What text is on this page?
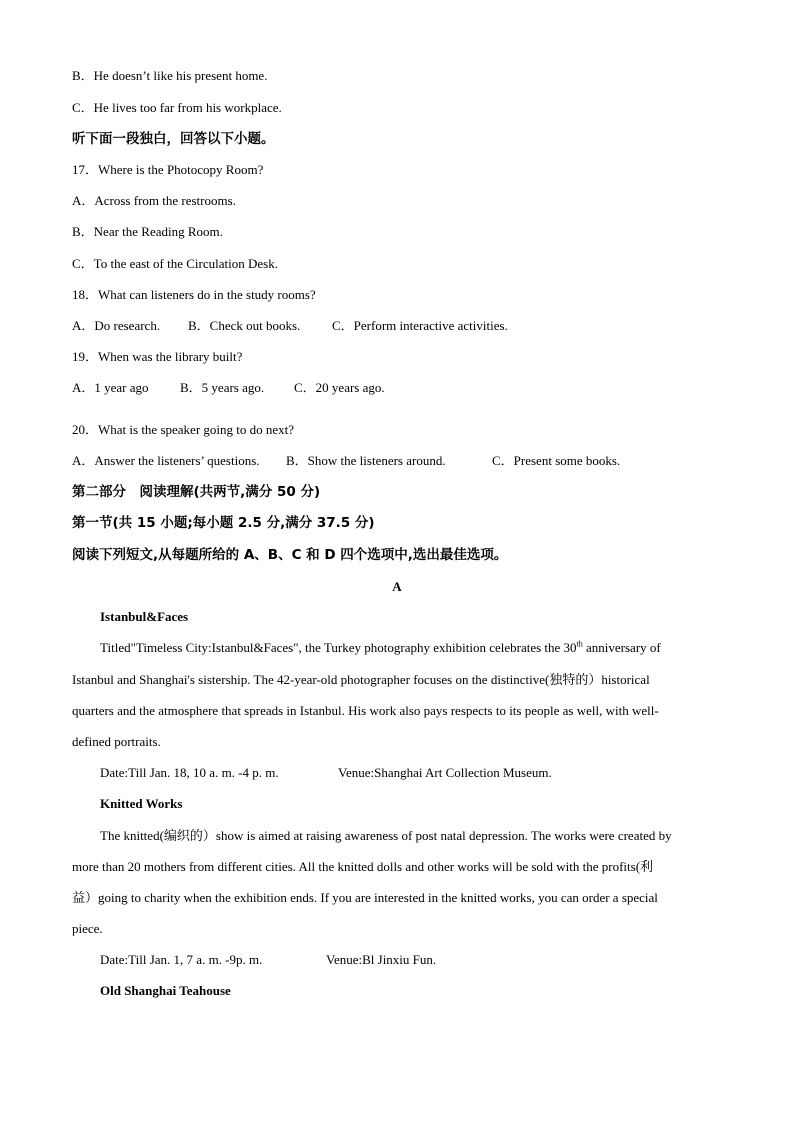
B．He doesn’t like his present home.
C．He lives too far from his workplace.
听下面一段独白，回答以下小题。
17．Where is the Photocopy Room?
A．Across from the restrooms.
B．Near the Reading Room.
C．To the east of the Circulation Desk.
18．What can listeners do in the study rooms?
A．Do research. B．Check out books. C．Perform interactive activities.
19．When was the library built?
A．1 year ago B．5 years ago. C．20 years ago.
20．What is the speaker going to do next?
A．Answer the listeners’ questions. B．Show the listeners around.	C．Present some books.
第二部分　阅读理解(共两节,满分 50 分)
第一节(共 15 小题;每小题 2.5 分,满分 37.5 分)
阅读下列短文,从每题所给的 A、B、C 和 D 四个选项中,选出最佳选项。
A
Istanbul&Faces
Titled"Timeless City:Istanbul&Faces", the Turkey photography exhibition celebrates the 30th anniversary of
Istanbul and Shanghai's sistership. The 42-year-old photographer focuses on the distinctive(独特的）historical
quarters and the atmosphere that spreads in Istanbul. His work also pays respects to its people as well, with well-
defined portraits.
Date:Till Jan. 18, 10 a. m. -4 p. m.	Venue:Shanghai Art Collection Museum.
Knitted Works
The knitted(编织的）show is aimed at raising awareness of post natal depression. The works were created by
more than 20 mothers from different cities. All the knitted dolls and other works will be sold with the profits(利
益）going to charity when the exhibition ends. If you are interested in the knitted works, you can order a special
piece.
Date:Till Jan. 1, 7 a. m. -9p. m.	Venue:Bl Jinxiu Fun.
Old Shanghai Teahouse
